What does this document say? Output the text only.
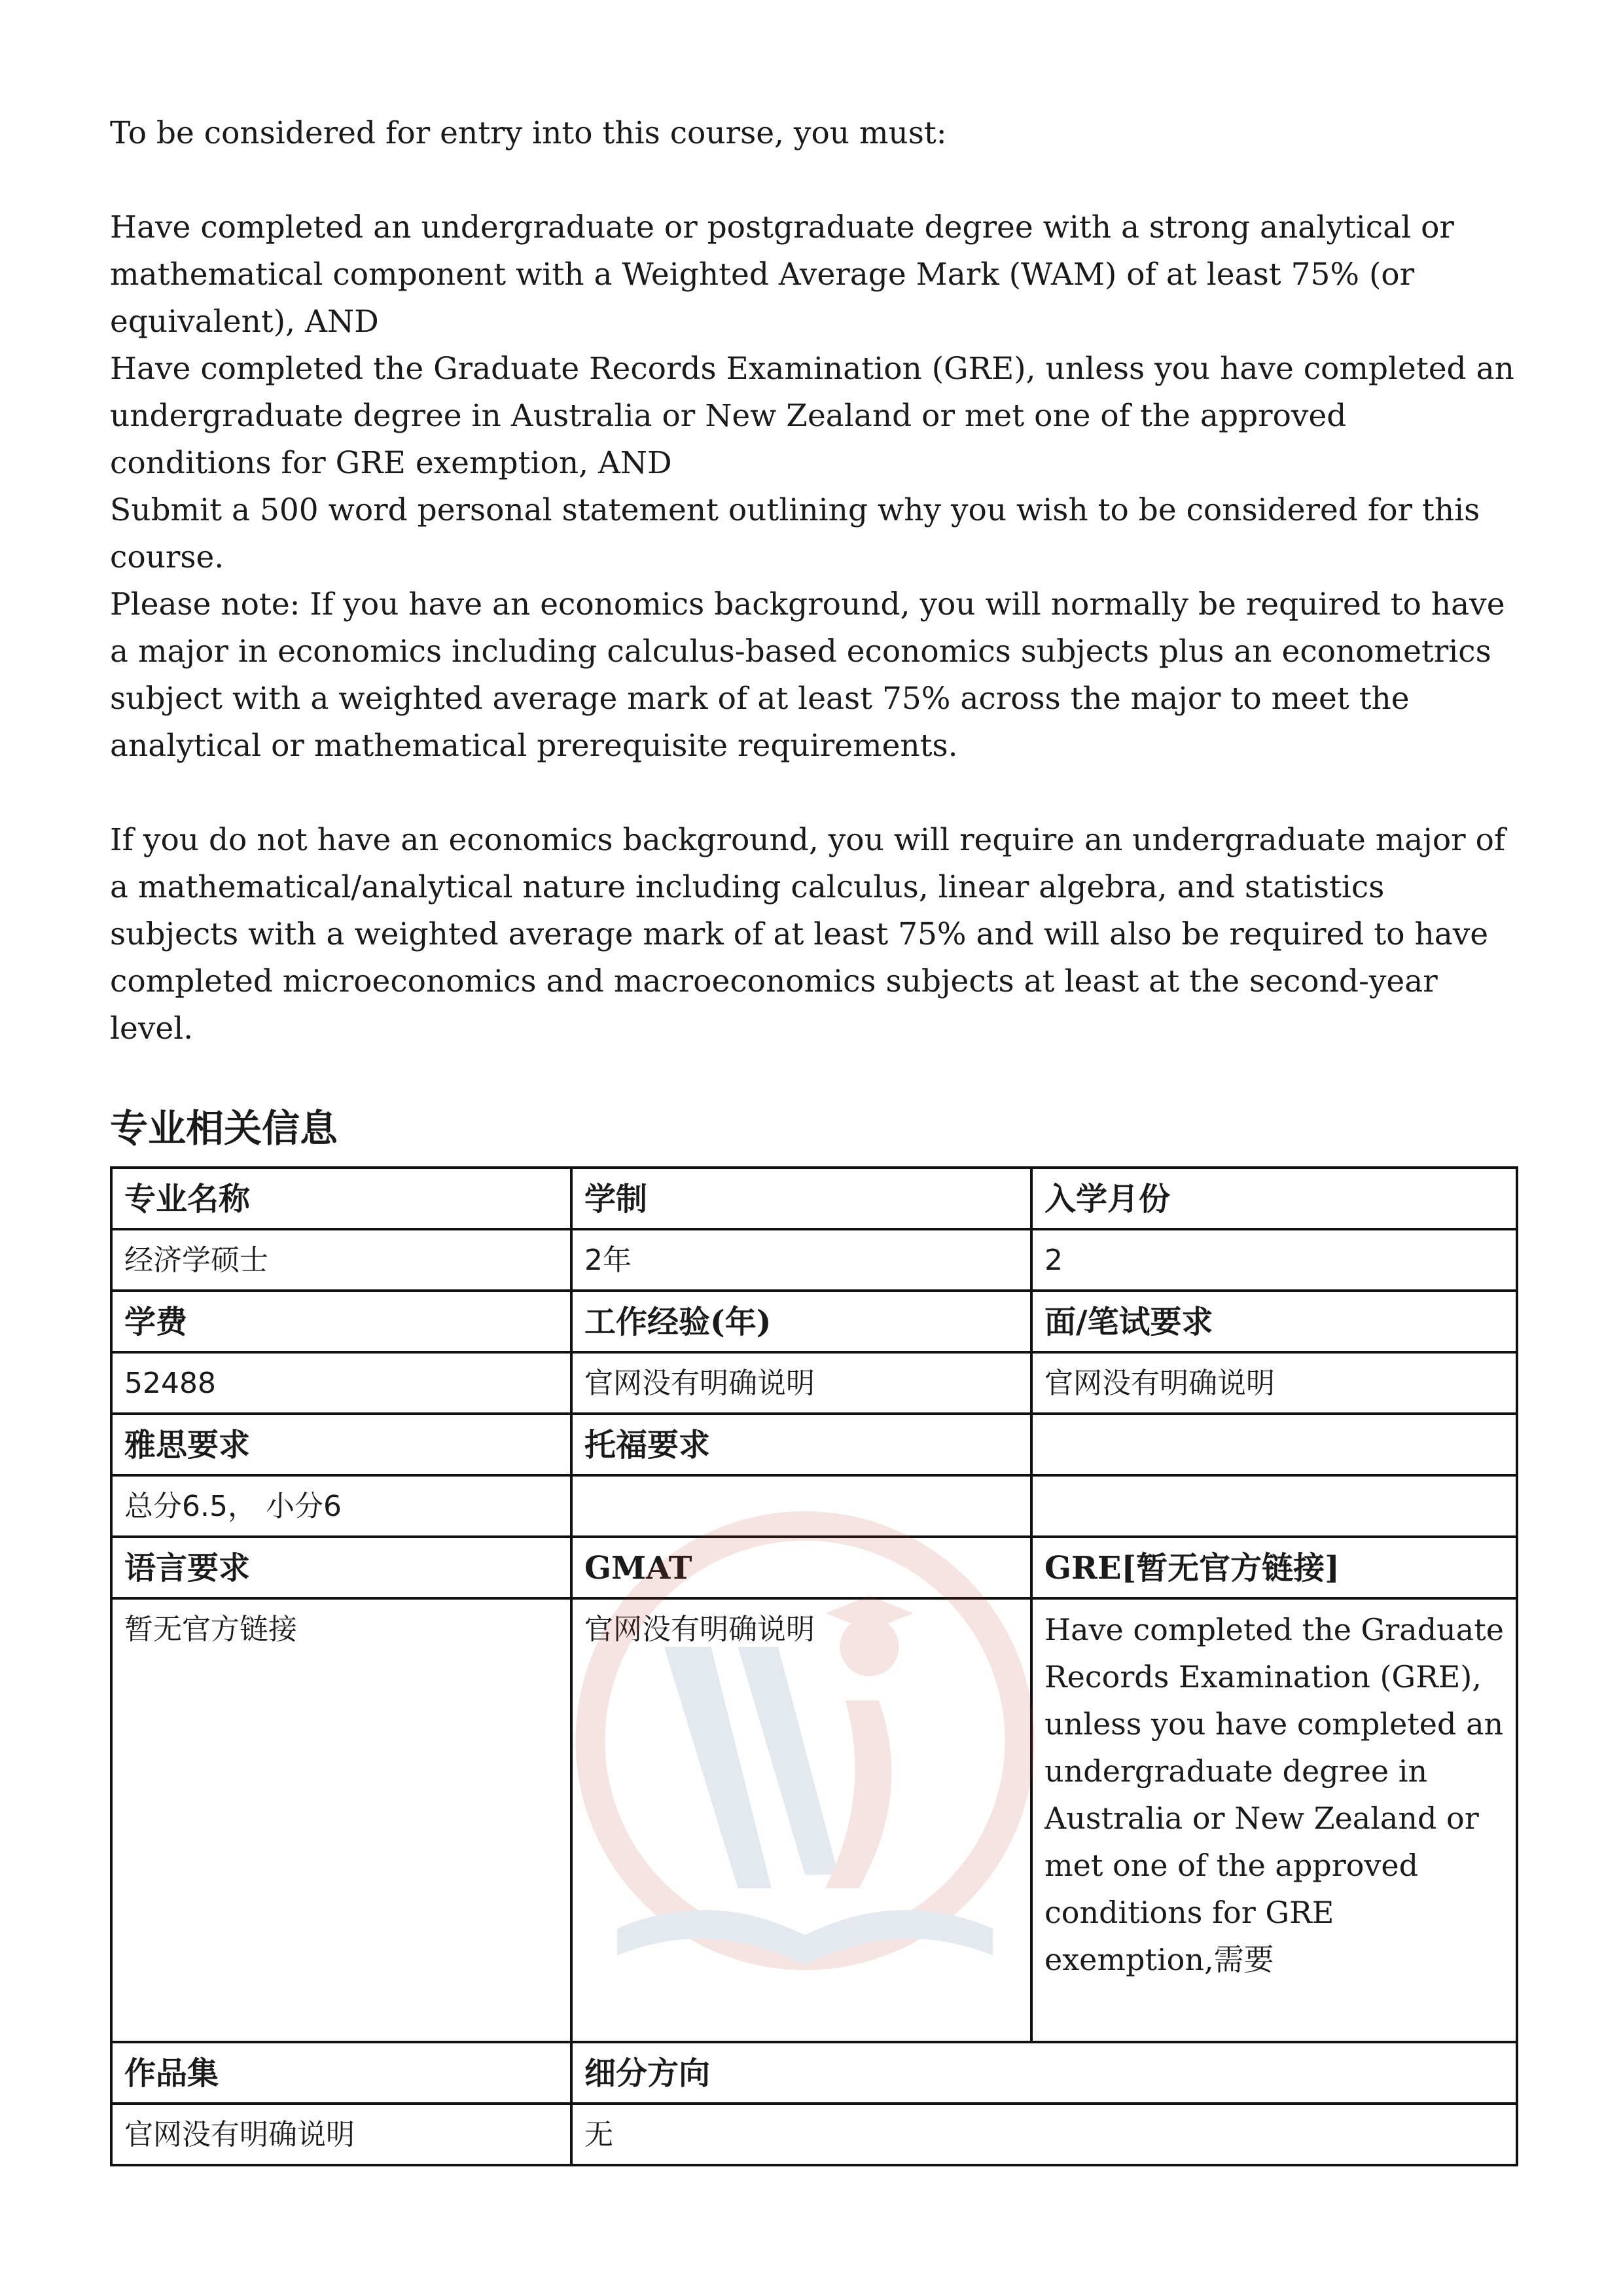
To be considered for entry into this course, you must:

Have completed an undergraduate or postgraduate degree with a strong analytical or mathematical component with a Weighted Average Mark (WAM) of at least 75% (or equivalent), AND

Have completed the Graduate Records Examination (GRE), unless you have completed an undergraduate degree in Australia or New Zealand or met one of the approved conditions for GRE exemption, AND

Submit a 500 word personal statement outlining why you wish to be considered for this course.

Please note: If you have an economics background, you will normally be required to have a major in economics including calculus-based economics subjects plus an econometrics subject with a weighted average mark of at least 75% across the major to meet the analytical or mathematical prerequisite requirements.

If you do not have an economics background, you will require an undergraduate major of a mathematical/analytical nature including calculus, linear algebra, and statistics subjects with a weighted average mark of at least 75% and will also be required to have completed microeconomics and macroeconomics subjects at least at the second-year level.

专业相关信息
专业名称	学制	入学月份
经济学硕士	2年	2
学费	工作经验(年)	面/笔试要求
52488	官网没有明确说明	官网没有明确说明
雅思要求	托福要求	
总分6.5， 小分6		
语言要求	GMAT	GRE[暂无官方链接]
暂无官方链接	官网没有明确说明	Have completed the Graduate Records Examination (GRE), unless you have completed an undergraduate degree in Australia or New Zealand or met one of the approved conditions for GRE exemption,需要
作品集	细分方向	
官网没有明确说明	无	
